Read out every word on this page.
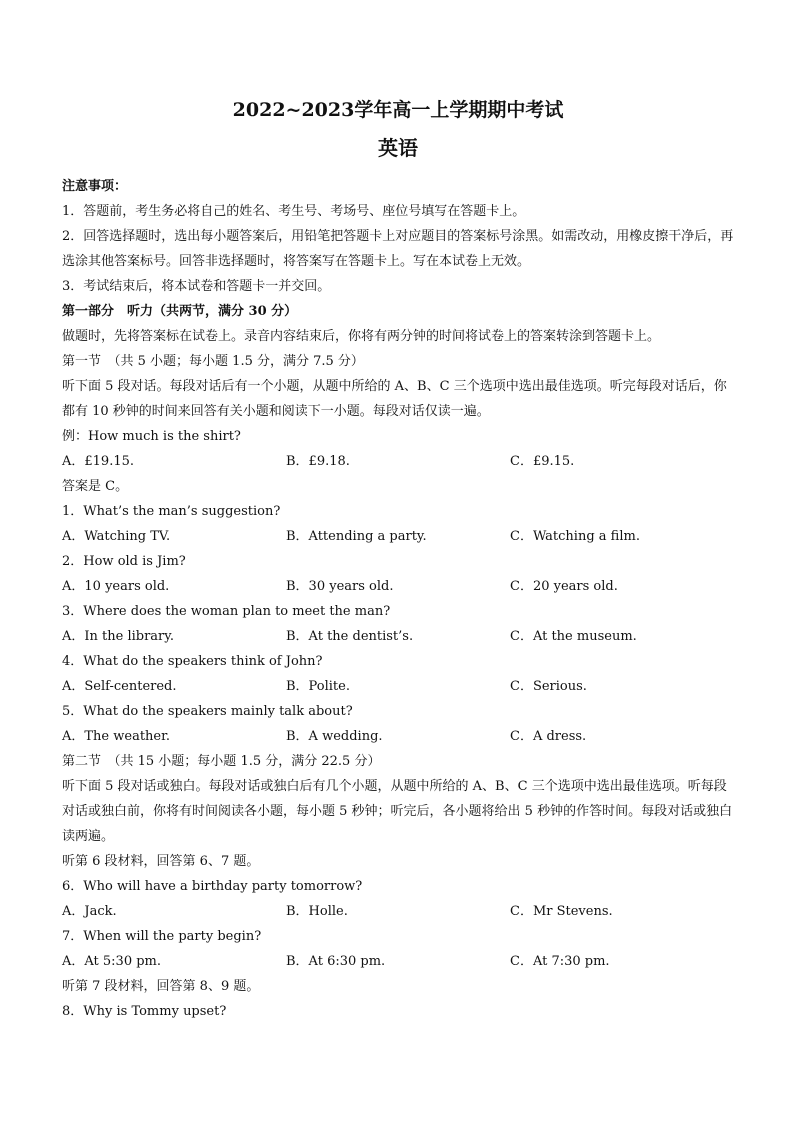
2022~2023学年高一上学期期中考试
英语
注意事项：
1．答题前，考生务必将自己的姓名、考生号、考场号、座位号填写在答题卡上。
2．回答选择题时，选出每小题答案后，用铅笔把答题卡上对应题目的答案标号涂黑。如需改动，用橡皮擦干净后，再选涂其他答案标号。回答非选择题时，将答案写在答题卡上。写在本试卷上无效。
3．考试结束后，将本试卷和答题卡一并交回。
第一部分　听力（共两节，满分 30 分）
做题时，先将答案标在试卷上。录音内容结束后，你将有两分钟的时间将试卷上的答案转涂到答题卡上。
第一节　（共 5 小题；每小题 1.5 分，满分 7.5 分）
听下面 5 段对话。每段对话后有一个小题，从题中所给的 A、B、C 三个选项中选出最佳选项。听完每段对话后，你都有 10 秒钟的时间来回答有关小题和阅读下一小题。每段对话仅读一遍。
例：How much is the shirt?
A．£19.15.	B．£9.18.	C．£9.15.
答案是 C。
1．What’s the man’s suggestion?
A．Watching TV.	B．Attending a party.	C．Watching a film.
2．How old is Jim?
A．10 years old.	B．30 years old.	C．20 years old.
3．Where does the woman plan to meet the man?
A．In the library.	B．At the dentist’s.	C．At the museum.
4．What do the speakers think of John?
A．Self-centered.	B．Polite.	C．Serious.
5．What do the speakers mainly talk about?
A．The weather.	B．A wedding.	C．A dress.
第二节　（共 15 小题；每小题 1.5 分，满分 22.5 分）
听下面 5 段对话或独白。每段对话或独白后有几个小题，从题中所给的 A、B、C 三个选项中选出最佳选项。听每段对话或独白前，你将有时间阅读各小题，每小题 5 秒钟；听完后，各小题将给出 5 秒钟的作答时间。每段对话或独白读两遍。
听第 6 段材料，回答第 6、7 题。
6．Who will have a birthday party tomorrow?
A．Jack.	B．Holle.	C．Mr Stevens.
7．When will the party begin?
A．At 5:30 pm.	B．At 6:30 pm.	C．At 7:30 pm.
听第 7 段材料，回答第 8、9 题。
8．Why is Tommy upset?
